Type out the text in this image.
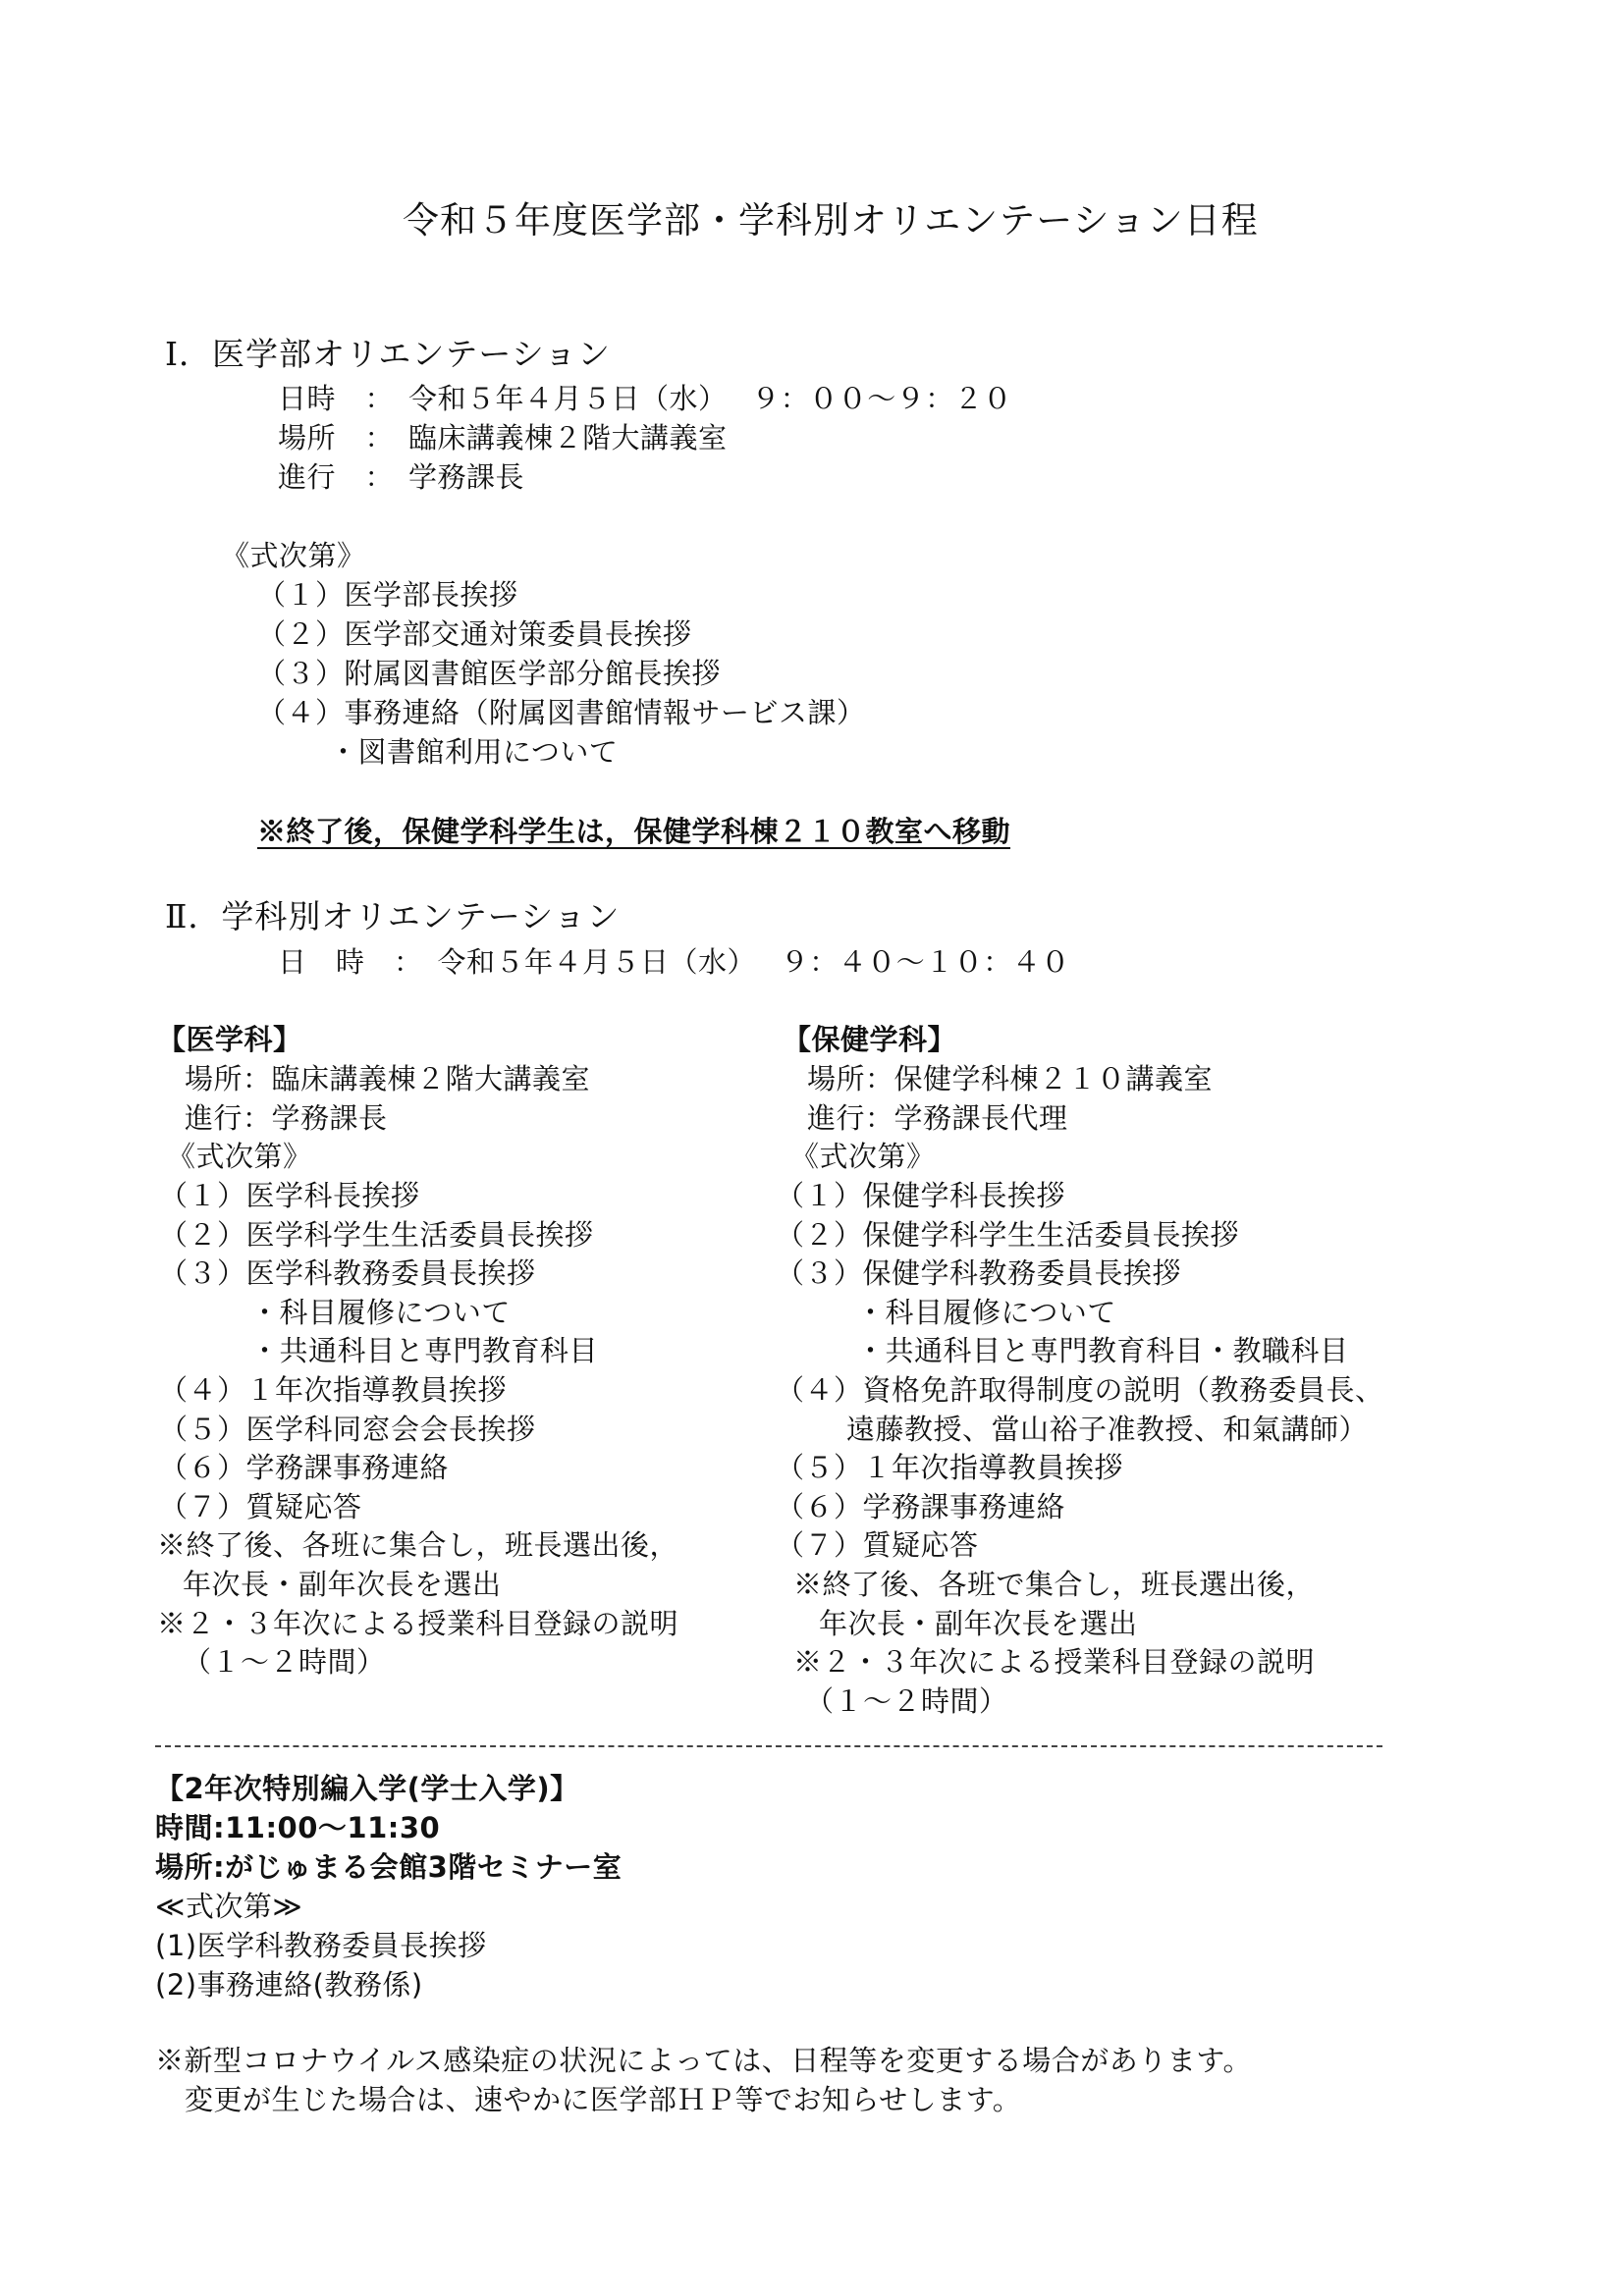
令和５年度医学部・学科別オリエンテーション日程
Ⅰ．医学部オリエンテーション
日時　：　令和５年４月５日（水）　 ９：００～９：２０
場所　：　臨床講義棟２階大講義室
進行　：　学務課長
《式次第》
（１）医学部長挨拶
（２）医学部交通対策委員長挨拶
（３）附属図書館医学部分館長挨拶
（４）事務連絡（附属図書館情報サービス課）
・図書館利用について
※終了後，保健学科学生は，保健学科棟２１０教室へ移動
Ⅱ．学科別オリエンテーション
日　時　：　令和５年４月５日（水）　 ９：４０～１０：４０
【医学科】
場所：臨床講義棟２階大講義室
進行：学務課長
《式次第》
（１）医学科長挨拶
（２）医学科学生生活委員長挨拶
（３）医学科教務委員長挨拶
・科目履修について
・共通科目と専門教育科目
（４）１年次指導教員挨拶
（５）医学科同窓会会長挨拶
（６）学務課事務連絡
（７）質疑応答
※終了後、各班に集合し，班長選出後，
年次長・副年次長を選出
※２・３年次による授業科目登録の説明
（１～２時間）
【保健学科】
場所：保健学科棟２１０講義室
進行：学務課長代理
《式次第》
（１）保健学科長挨拶
（２）保健学科学生生活委員長挨拶
（３）保健学科教務委員長挨拶
・科目履修について
・共通科目と専門教育科目・教職科目
（４）資格免許取得制度の説明（教務委員長、
遠藤教授、當山裕子准教授、和氣講師）
（５）１年次指導教員挨拶
（６）学務課事務連絡
（７）質疑応答
※終了後、各班で集合し，班長選出後，
年次長・副年次長を選出
※２・３年次による授業科目登録の説明
（１～２時間）
【2年次特別編入学(学士入学)】
時間:11:00～11:30
場所:がじゅまる会館3階セミナー室
≪式次第≫
(1)医学科教務委員長挨拶
(2)事務連絡(教務係)
※新型コロナウイルス感染症の状況によっては、日程等を変更する場合があります。
変更が生じた場合は、速やかに医学部ＨＰ等でお知らせします。
